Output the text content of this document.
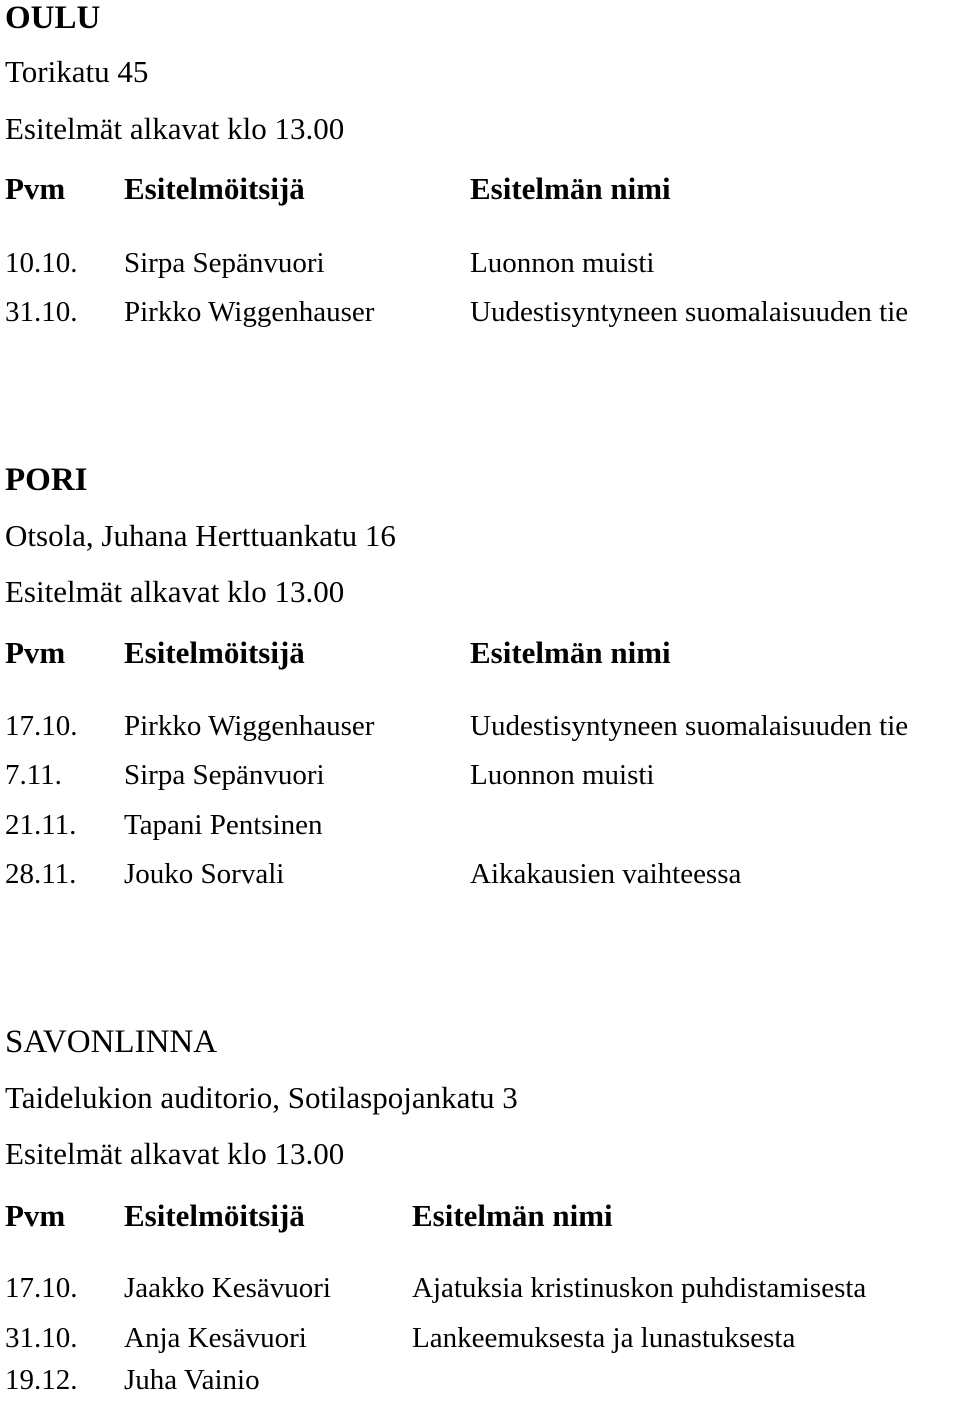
OULU
Torikatu 45
Esitelmät alkavat klo 13.00
Pvm Esitelmöitsijä	Esitelmän nimi
10.10. Sirpa Sepänvuori	Luonnon muisti
31.10. Pirkko Wiggenhauser	Uudestisyntyneen suomalaisuuden tie
PORI
Otsola, Juhana Herttuankatu 16
Esitelmät alkavat klo 13.00
Pvm Esitelmöitsijä	Esitelmän nimi
17.10. Pirkko Wiggenhauser	Uudestisyntyneen suomalaisuuden tie
7.11. Sirpa Sepänvuori	Luonnon muisti
21.11. Tapani Pentsinen
28.11. Jouko Sorvali	Aikakausien vaihteessa
SAVONLINNA
Taidelukion auditorio, Sotilaspojankatu 3
Esitelmät alkavat klo 13.00
Pvm Esitelmöitsijä	Esitelmän nimi
17.10. Jaakko Kesävuori	Ajatuksia kristinuskon puhdistamisesta
31.10. Anja Kesävuori	Lankeemuksesta ja lunastuksesta
19.12. Juha Vainio
